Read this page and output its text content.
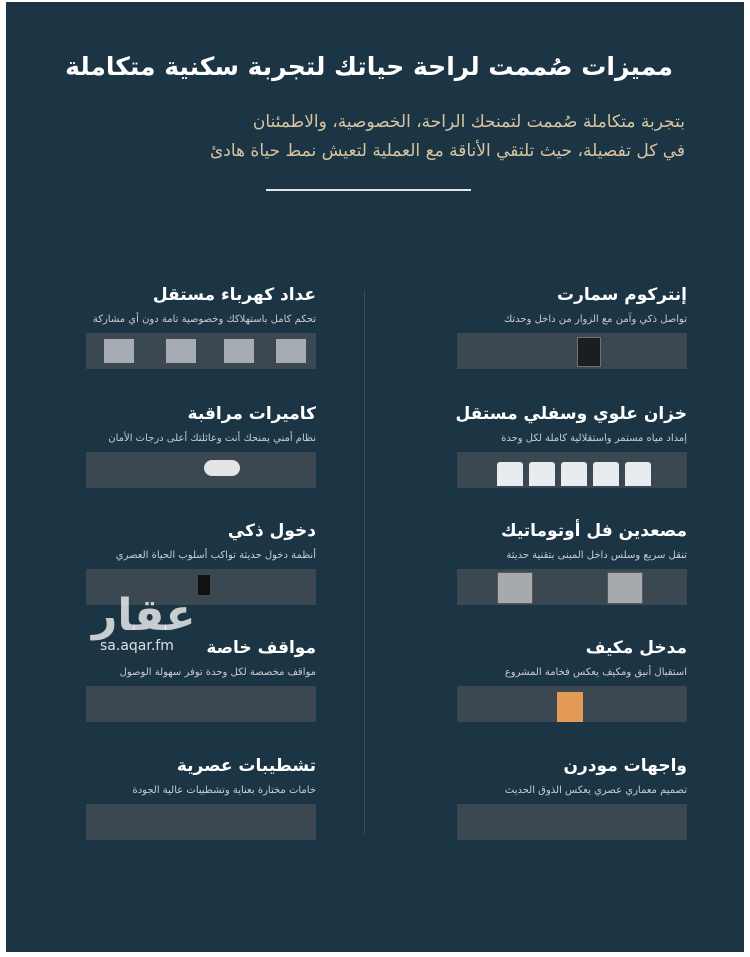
مميزات صُممت لراحة حياتك لتجربة سكنية متكاملة
بتجربة متكاملة صُممت لتمنحك الراحة، الخصوصية، والاطمئنان
في كل تفصيلة، حيث تلتقي الأناقة مع العملية لتعيش نمط حياة هادئ
عداد كهرباء مستقل
تحكم كامل باستهلاكك وخصوصية تامة دون أي مشاركة
إنتركوم سمارت
تواصل ذكي وآمن مع الزوار من داخل وحدتك
كاميرات مراقبة
نظام أمني يمنحك أنت وعائلتك أعلى درجات الأمان
خزان علوي وسفلي مستقل
إمداد مياه مستمر واستقلالية كاملة لكل وحدة
دخول ذكي
أنظمة دخول حديثة تواكب أسلوب الحياة العصري
مصعدين فل أوتوماتيك
تنقل سريع وسلس داخل المبنى بتقنية حديثة
مواقف خاصة
مواقف مخصصة لكل وحدة توفر سهولة الوصول
مدخل مكيف
استقبال أنيق ومكيف يعكس فخامة المشروع
تشطيبات عصرية
خامات مختارة بعناية وتشطيبات عالية الجودة
واجهات مودرن
تصميم معماري عصري يعكس الذوق الحديث
عقار
sa.aqar.fm
